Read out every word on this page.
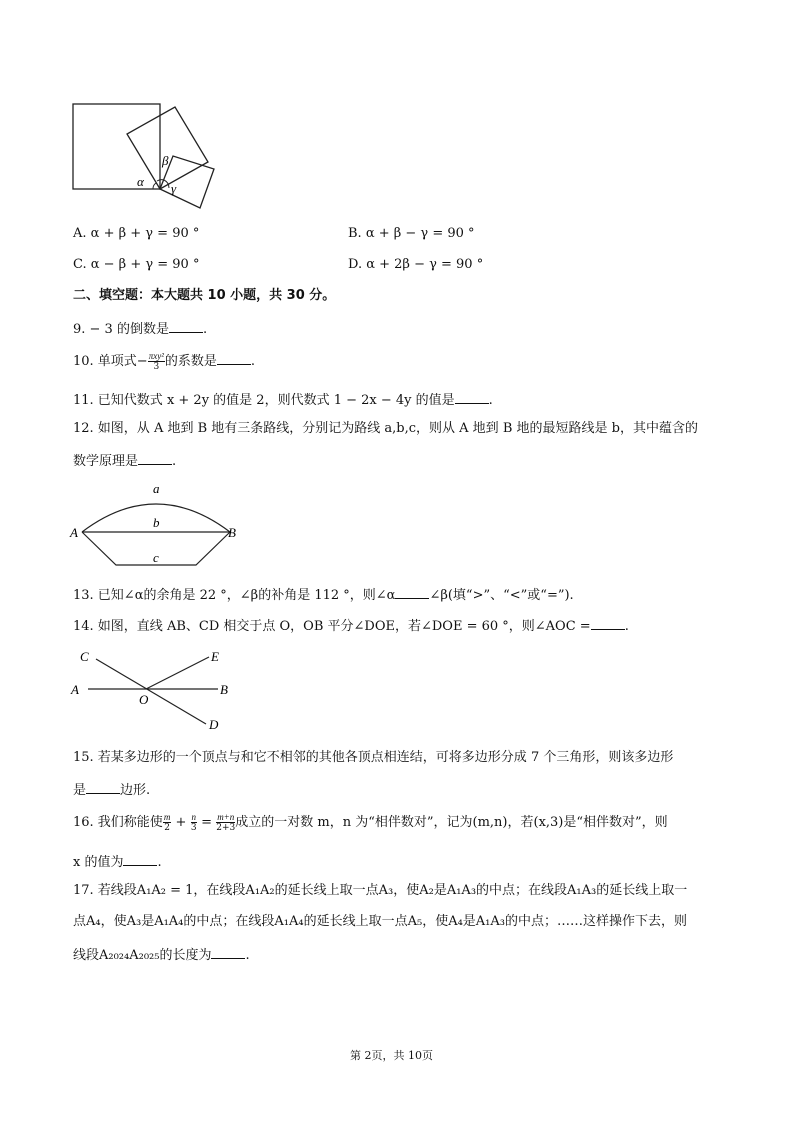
α
β
γ
A. α + β + γ = 90 °	B. α + β − γ = 90 °
C. α − β + γ = 90 °	D. α + 2β − γ = 90 °
二、填空题：本大题共 10 小题，共 30 分。
9. − 3 的倒数是	.
10. 单项式− $\frac{\text{πxy²}}{3}$ 的系数是	.
11. 已知代数式 x + 2y 的值是 2，则代数式 1 − 2x − 4y 的值是	.
12. 如图，从 A 地到 B 地有三条路线，分别记为路线 a,b,c，则从 A 地到 B 地的最短路线是 b，其中蕴含的
数学原理是	.
a
b
c
A	B
13. 已知∠α的余角是 22 °，∠β的补角是 112 °，则∠α	∠β(填“>”、“<”或“=”).
14. 如图，直线 AB、CD 相交于点 O，OB 平分∠DOE，若∠DOE = 60 °，则∠AOC =	.
C	E
A
O
B
D
15. 若某多边形的一个顶点与和它不相邻的其他各顶点相连结，可将多边形分成 7 个三角形，则该多边形
是	边形.
16. 我们称能使 $\frac{m}{2} + \frac{n}{3} = \frac{m+n}{2+3}$ 成立的一对数 m，n 为“相伴数对”，记为(m,n)，若(x,3)是“相伴数对”，则
x 的值为	.
17. 若线段A₁A₂ = 1，在线段A₁A₂的延长线上取一点A₃，使A₂是A₁A₃的中点；在线段A₁A₃的延长线上取一
点A₄，使A₃是A₁A₄的中点；在线段A₁A₄的延长线上取一点A₅，使A₄是A₁A₃的中点；……这样操作下去，则
线段A₂₀₂₄A₂₀₂₅的长度为	.
第 2页，共 10页
